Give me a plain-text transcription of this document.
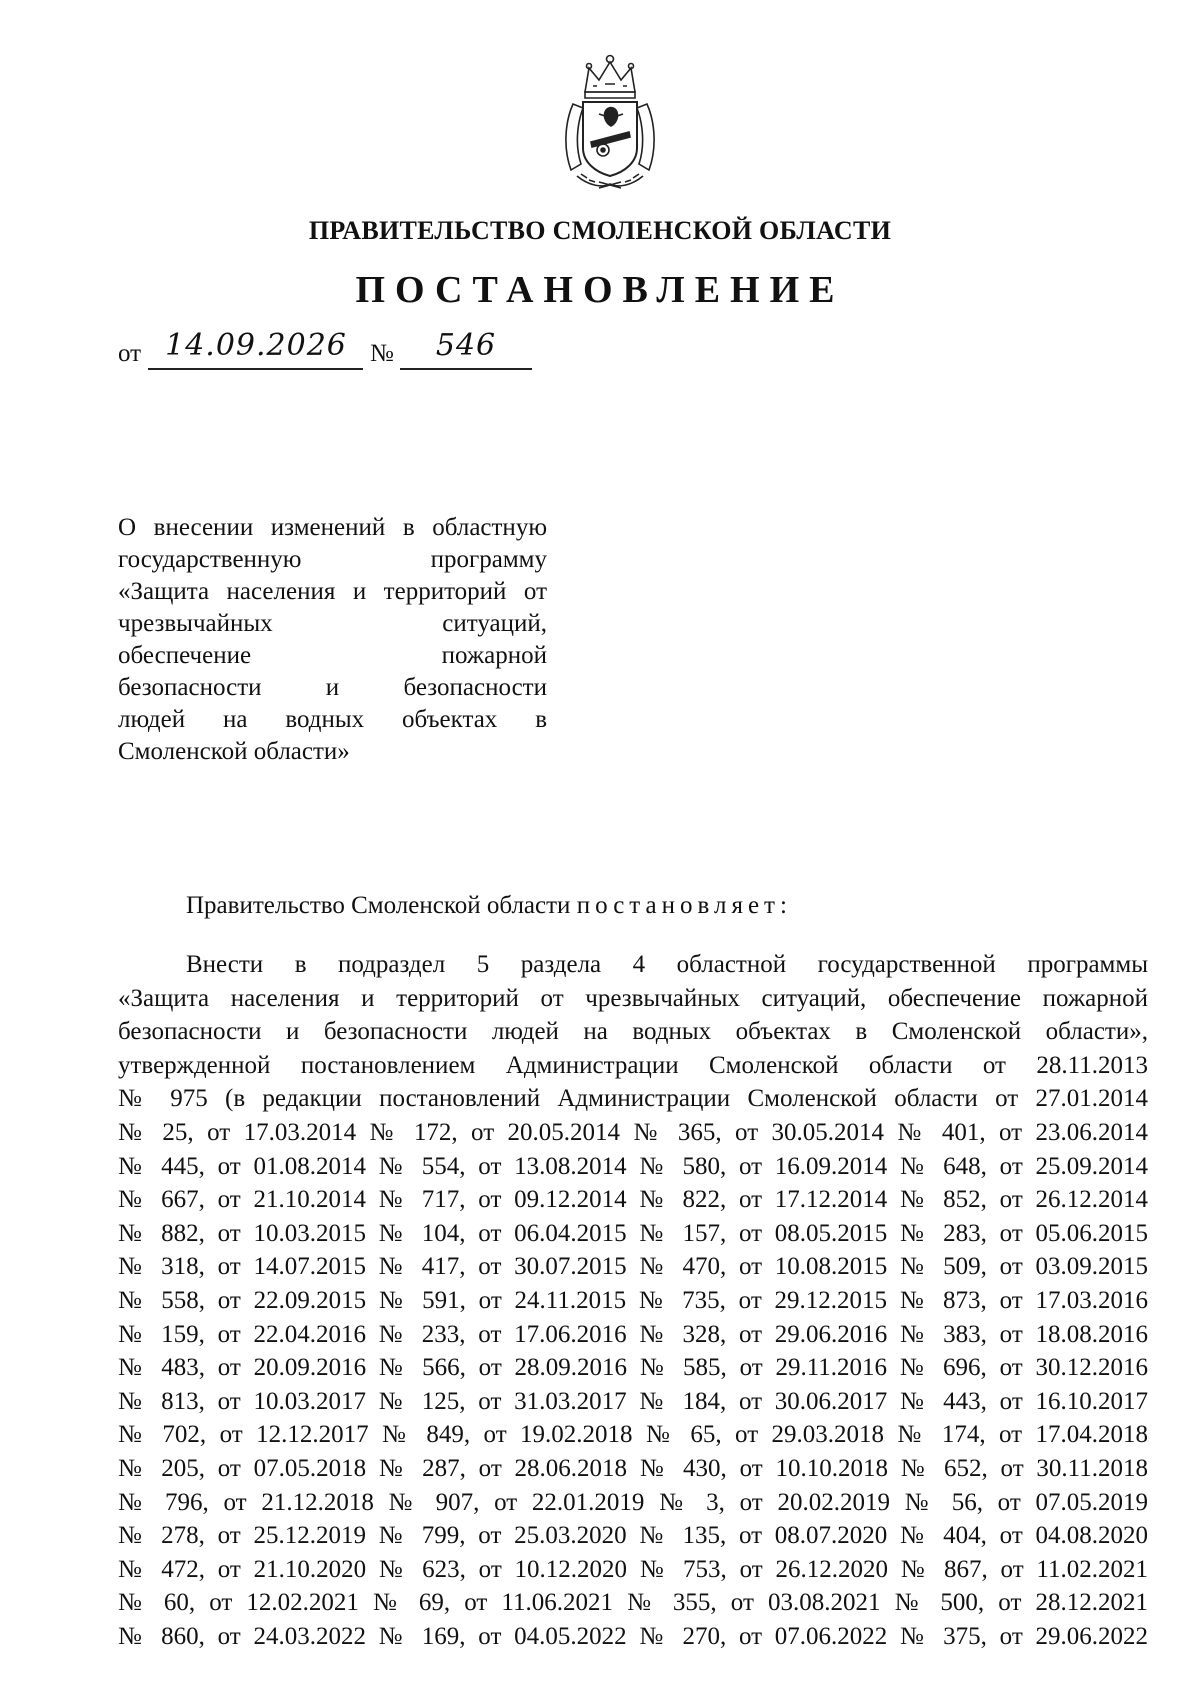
ПРАВИТЕЛЬСТВО СМОЛЕНСКОЙ ОБЛАСТИ
ПОСТАНОВЛЕНИЕ
от 14.09.2026 №	546

О внесении изменений в областную

государственную программу

«Защита населения и территорий от

чрезвычайных ситуаций,

обеспечение пожарной

безопасности и безопасности

людей на водных объектах в

Смоленской области»

Правительство Смоленской области постановляет:
Внести в подраздел 5 раздела 4 областной государственной программы
«Защита населения и территорий от чрезвычайных ситуаций, обеспечение пожарной
безопасности и безопасности людей на водных объектах в Смоленской области»,
утвержденной постановлением Администрации Смоленской области от 28.11.2013
№ 975 (в редакции постановлений Администрации Смоленской области от 27.01.2014
№ 25, от 17.03.2014 № 172, от 20.05.2014 № 365, от 30.05.2014 № 401, от 23.06.2014
№ 445, от 01.08.2014 № 554, от 13.08.2014 № 580, от 16.09.2014 № 648, от 25.09.2014
№ 667, от 21.10.2014 № 717, от 09.12.2014 № 822, от 17.12.2014 № 852, от 26.12.2014
№ 882, от 10.03.2015 № 104, от 06.04.2015 № 157, от 08.05.2015 № 283, от 05.06.2015
№ 318, от 14.07.2015 № 417, от 30.07.2015 № 470, от 10.08.2015 № 509, от 03.09.2015
№ 558, от 22.09.2015 № 591, от 24.11.2015 № 735, от 29.12.2015 № 873, от 17.03.2016
№ 159, от 22.04.2016 № 233, от 17.06.2016 № 328, от 29.06.2016 № 383, от 18.08.2016
№ 483, от 20.09.2016 № 566, от 28.09.2016 № 585, от 29.11.2016 № 696, от 30.12.2016
№ 813, от 10.03.2017 № 125, от 31.03.2017 № 184, от 30.06.2017 № 443, от 16.10.2017
№ 702, от 12.12.2017 № 849, от 19.02.2018 № 65, от 29.03.2018 № 174, от 17.04.2018
№ 205, от 07.05.2018 № 287, от 28.06.2018 № 430, от 10.10.2018 № 652, от 30.11.2018
№ 796, от 21.12.2018 № 907, от 22.01.2019 № 3, от 20.02.2019 № 56, от 07.05.2019
№ 278, от 25.12.2019 № 799, от 25.03.2020 № 135, от 08.07.2020 № 404, от 04.08.2020
№ 472, от 21.10.2020 № 623, от 10.12.2020 № 753, от 26.12.2020 № 867, от 11.02.2021
№ 60, от 12.02.2021 № 69, от 11.06.2021 № 355, от 03.08.2021 № 500, от 28.12.2021
№ 860, от 24.03.2022 № 169, от 04.05.2022 № 270, от 07.06.2022 № 375, от 29.06.2022
